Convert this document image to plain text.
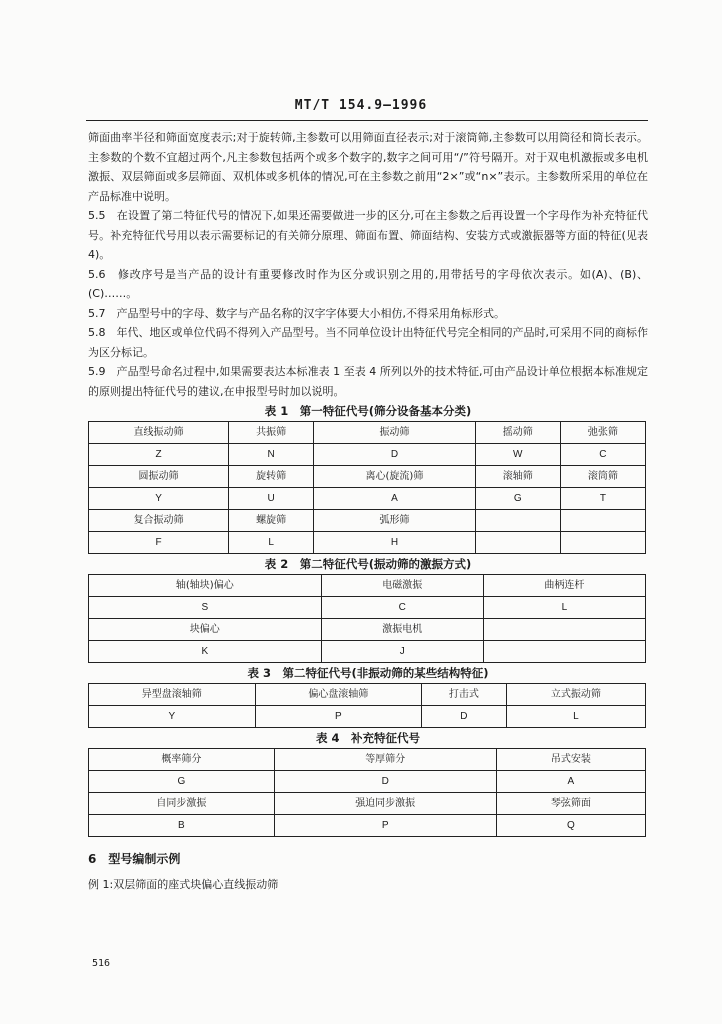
MT/T 154.9—1996

筛面曲率半径和筛面宽度表示;对于旋转筛,主参数可以用筛面直径表示;对于滚筒筛,主参数可以用筒径和筒长表示。主参数的个数不宜超过两个,凡主参数包括两个或多个数字的,数字之间可用“/”符号隔开。对于双电机激振或多电机激振、双层筛面或多层筛面、双机体或多机体的情况,可在主参数之前用“2×”或“n×”表示。主参数所采用的单位在产品标准中说明。

5.5　在设置了第二特征代号的情况下,如果还需要做进一步的区分,可在主参数之后再设置一个字母作为补充特征代号。补充特征代号用以表示需要标记的有关筛分原理、筛面布置、筛面结构、安装方式或激振器等方面的特征(见表 4)。

5.6　修改序号是当产品的设计有重要修改时作为区分或识别之用的,用带括号的字母依次表示。如(A)、(B)、(C)……。

5.7　产品型号中的字母、数字与产品名称的汉字字体要大小相仿,不得采用角标形式。

5.8　年代、地区或单位代码不得列入产品型号。当不同单位设计出特征代号完全相同的产品时,可采用不同的商标作为区分标记。

5.9　产品型号命名过程中,如果需要表达本标准表 1 至表 4 所列以外的技术特征,可由产品设计单位根据本标准规定的原则提出特征代号的建议,在申报型号时加以说明。

表 1　第一特征代号(筛分设备基本分类)
直线振动筛	共振筛	振动筛	摇动筛	弛张筛
Z	N	D	W	C
圆振动筛	旋转筛	离心(旋流)筛	滚轴筛	滚筒筛
Y	U	A	G	T
复合振动筛	螺旋筛	弧形筛		
F	L	H		
表 2　第二特征代号(振动筛的激振方式)
轴(轴块)偏心	电磁激振	曲柄连杆
S	C	L
块偏心	激振电机	
K	J	
表 3　第二特征代号(非振动筛的某些结构特征)
异型盘滚轴筛	偏心盘滚轴筛	打击式	立式振动筛
Y	P	D	L
表 4　补充特征代号
概率筛分	等厚筛分	吊式安装
G	D	A
自同步激振	强迫同步激振	琴弦筛面
B	P	Q
6　型号编制示例
例 1:双层筛面的座式块偏心直线振动筛
516
